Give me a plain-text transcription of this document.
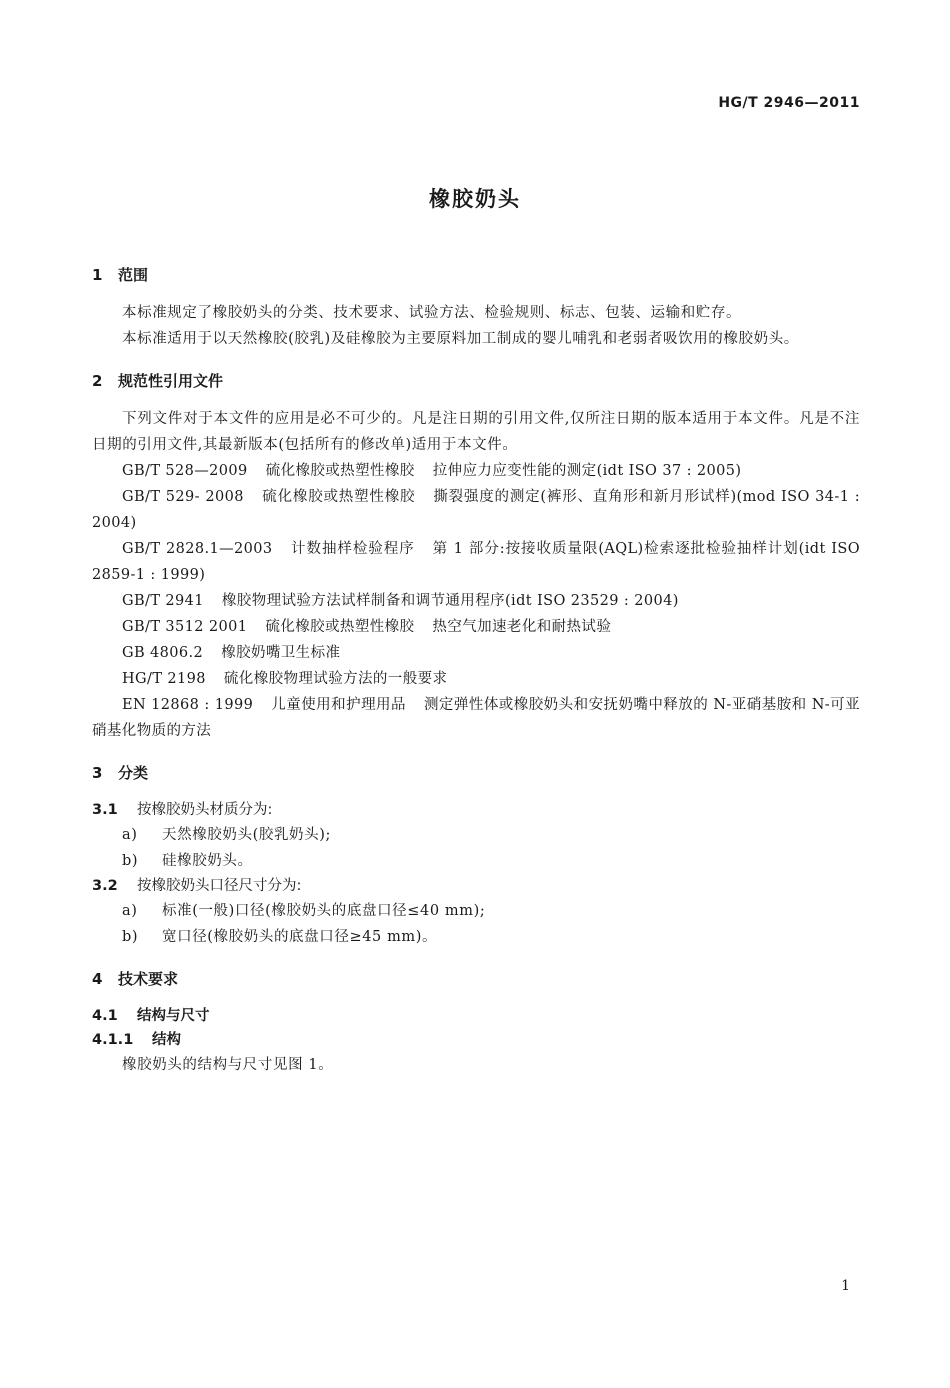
HG/T 2946—2011
橡胶奶头
1 范围
本标准规定了橡胶奶头的分类、技术要求、试验方法、检验规则、标志、包装、运输和贮存。
本标准适用于以天然橡胶(胶乳)及硅橡胶为主要原料加工制成的婴儿哺乳和老弱者吸饮用的橡胶奶头。
2 规范性引用文件
下列文件对于本文件的应用是必不可少的。凡是注日期的引用文件,仅所注日期的版本适用于本文件。凡是不注日期的引用文件,其最新版本(包括所有的修改单)适用于本文件。
GB/T 528—2009 硫化橡胶或热塑性橡胶 拉伸应力应变性能的测定(idt ISO 37 : 2005)
GB/T 529- 2008 硫化橡胶或热塑性橡胶 撕裂强度的测定(裤形、直角形和新月形试样)(mod ISO 34-1 : 2004)
GB/T 2828.1—2003 计数抽样检验程序 第 1 部分:按接收质量限(AQL)检索逐批检验抽样计划(idt ISO 2859-1 : 1999)
GB/T 2941 橡胶物理试验方法试样制备和调节通用程序(idt ISO 23529 : 2004)
GB/T 3512 2001 硫化橡胶或热塑性橡胶 热空气加速老化和耐热试验
GB 4806.2 橡胶奶嘴卫生标准
HG/T 2198 硫化橡胶物理试验方法的一般要求
EN 12868 : 1999 儿童使用和护理用品 测定弹性体或橡胶奶头和安抚奶嘴中释放的 N-亚硝基胺和 N-可亚硝基化物质的方法
3 分类
3.1 按橡胶奶头材质分为:
a) 天然橡胶奶头(胶乳奶头);
b) 硅橡胶奶头。
3.2 按橡胶奶头口径尺寸分为:
a) 标准(一般)口径(橡胶奶头的底盘口径≤40 mm);
b) 宽口径(橡胶奶头的底盘口径≥45 mm)。
4 技术要求
4.1 结构与尺寸
4.1.1 结构
橡胶奶头的结构与尺寸见图 1。
1
